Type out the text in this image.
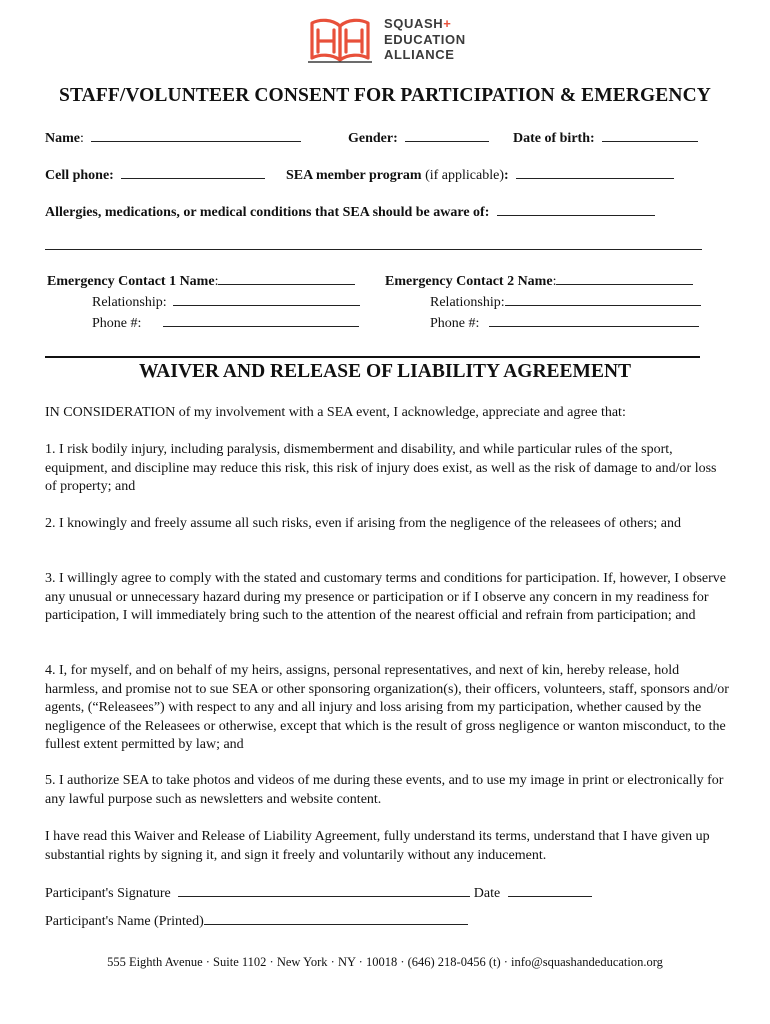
SQUASH+
EDUCATION
ALLIANCE
STAFF/VOLUNTEER CONSENT FOR PARTICIPATION & EMERGENCY
Name:	Gender:	Date of birth:
Cell phone:	SEA member program (if applicable):
Allergies, medications, or medical conditions that SEA should be aware of:
Emergency Contact 1 Name:	Emergency Contact 2 Name:
Relationship:	Relationship:
Phone #:	Phone #:
WAIVER AND RELEASE OF LIABILITY AGREEMENT
IN CONSIDERATION of my involvement with a SEA event, I acknowledge, appreciate and agree that:
1. I risk bodily injury, including paralysis, dismemberment and disability, and while particular rules of the sport, equipment, and discipline may reduce this risk, this risk of injury does exist, as well as the risk of damage to and/or loss of property; and
2. I knowingly and freely assume all such risks, even if arising from the negligence of the releasees of others; and
3. I willingly agree to comply with the stated and customary terms and conditions for participation. If, however, I observe any unusual or unnecessary hazard during my presence or participation or if I observe any concern in my readiness for participation, I will immediately bring such to the attention of the nearest official and refrain from participation; and
4. I, for myself, and on behalf of my heirs, assigns, personal representatives, and next of kin, hereby release, hold harmless, and promise not to sue SEA or other sponsoring organization(s), their officers, volunteers, staff, sponsors and/or agents, (“Releasees”) with respect to any and all injury and loss arising from my participation, whether caused by the negligence of the Releasees or otherwise, except that which is the result of gross negligence or wanton misconduct, to the fullest extent permitted by law; and
5. I authorize SEA to take photos and videos of me during these events, and to use my image in print or electronically for any lawful purpose such as newsletters and website content.
I have read this Waiver and Release of Liability Agreement, fully understand its terms, understand that I have given up substantial rights by signing it, and sign it freely and voluntarily without any inducement.
Participant's Signature	Date
Participant's Name (Printed)
555 Eighth Avenue · Suite 1102 · New York · NY · 10018 · (646) 218-0456 (t) · info@squashandeducation.org
